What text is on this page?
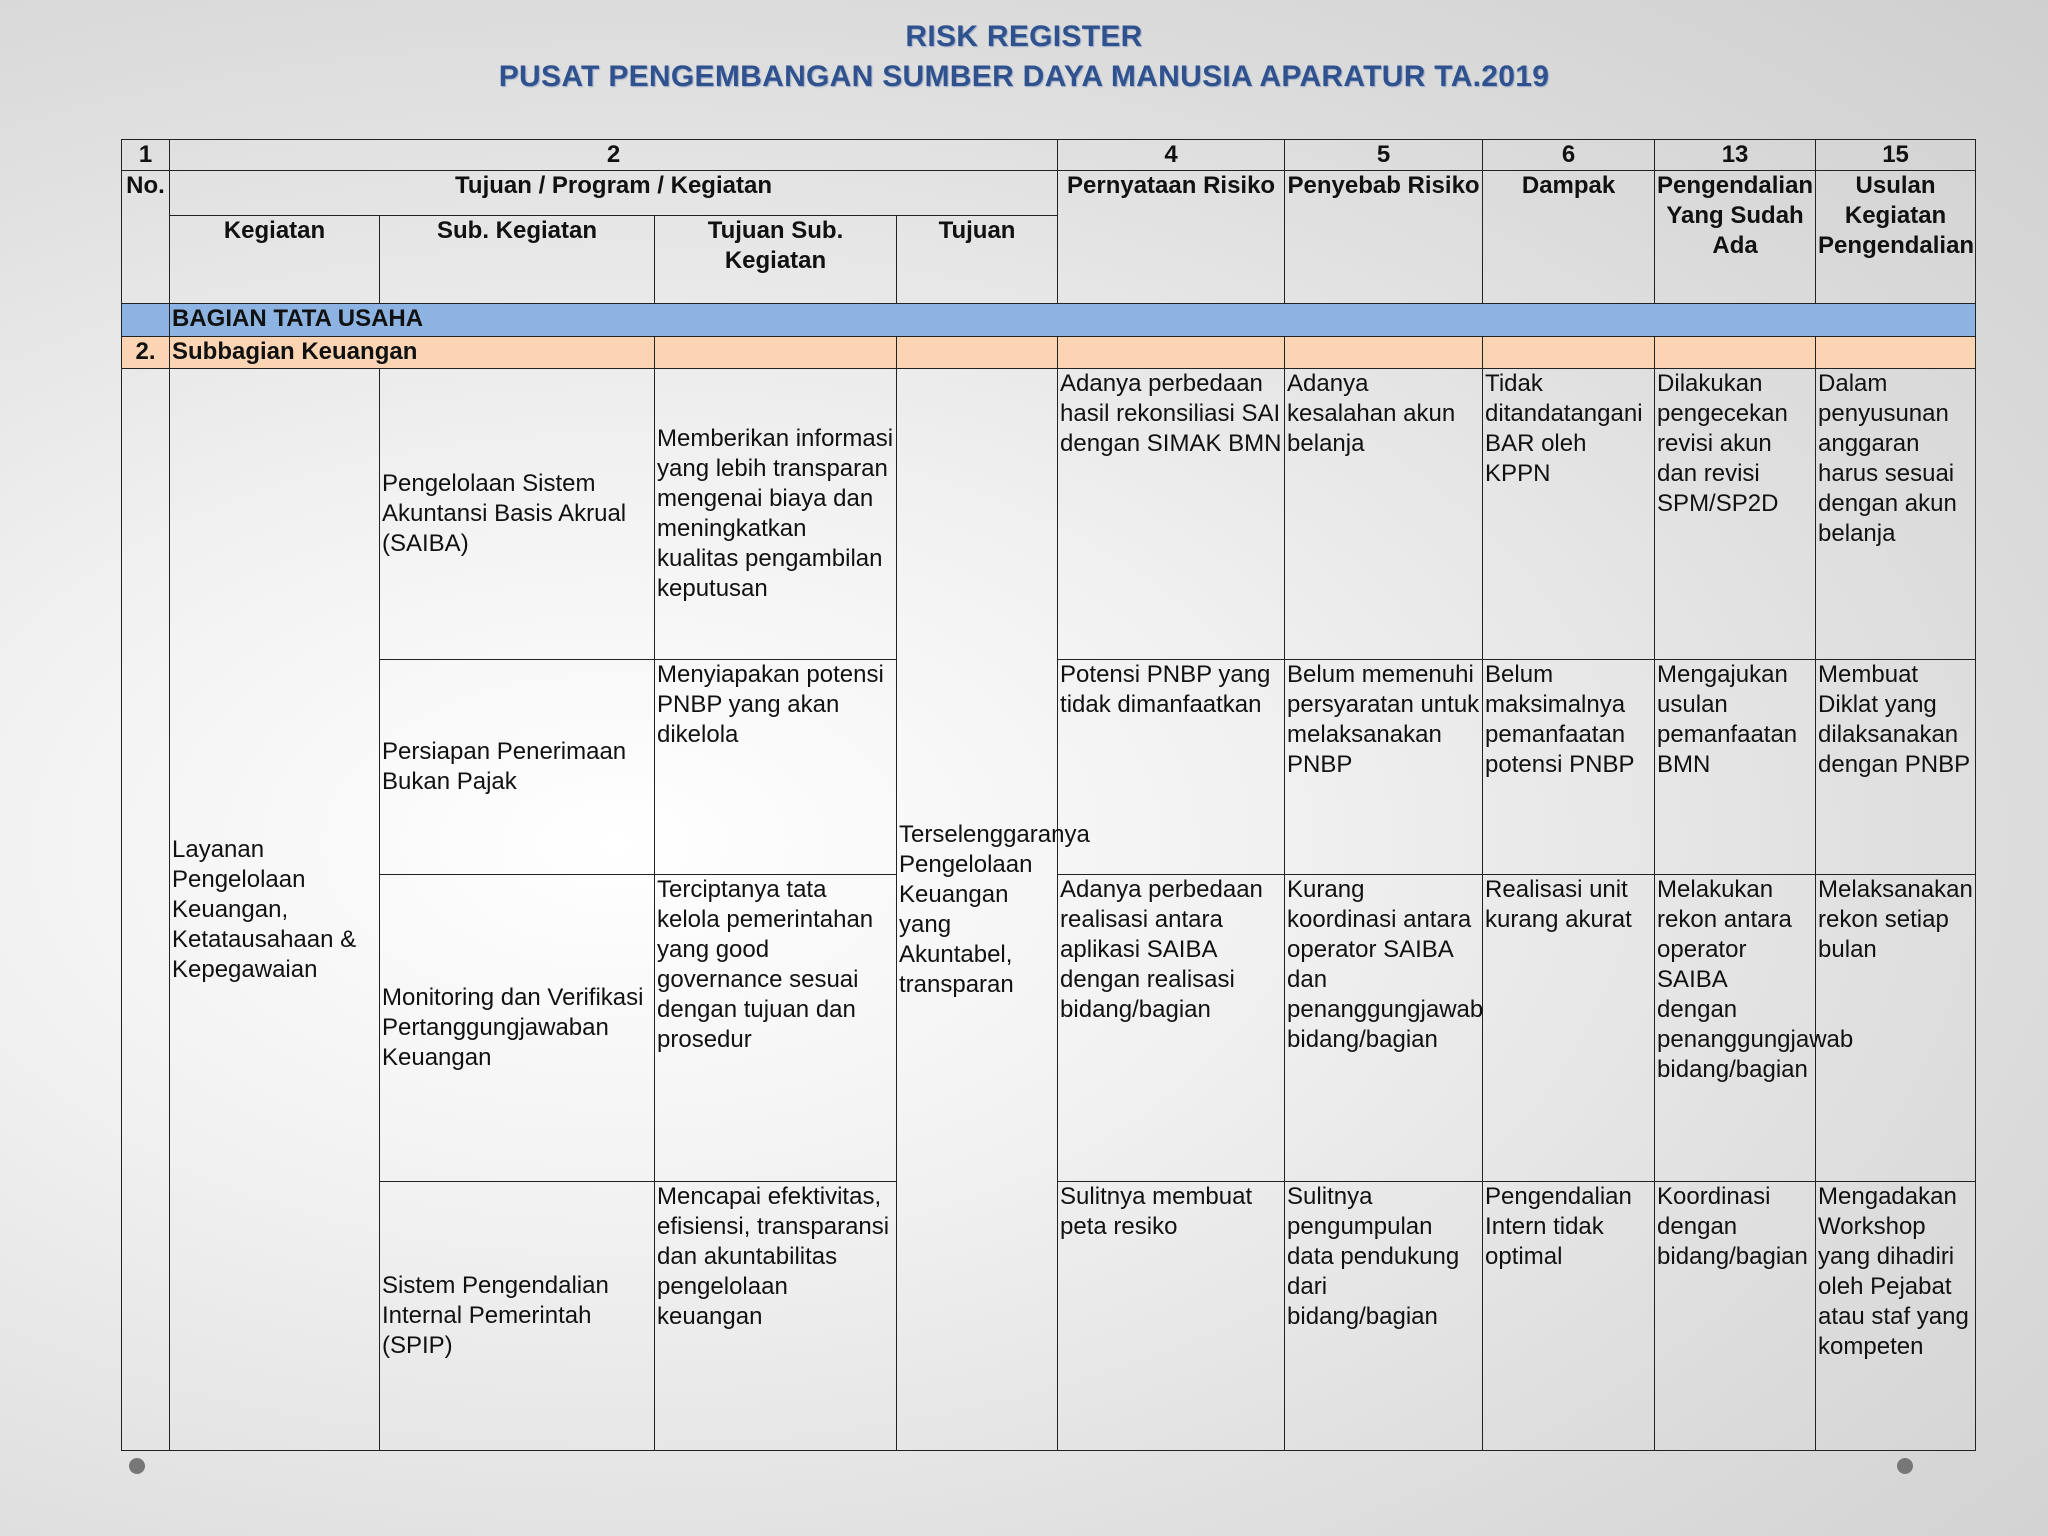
RISK REGISTER
PUSAT PENGEMBANGAN SUMBER DAYA MANUSIA APARATUR TA.2019
1	2				4	5	6	13	15
No.	Tujuan / Program / Kegiatan				Pernyataan Risiko	Penyebab Risiko	Dampak	Pengendalian Yang Sudah Ada	Usulan Kegiatan Pengendalian
	Kegiatan	Sub. Kegiatan	Tujuan Sub. Kegiatan	Tujuan					
	BAGIAN TATA USAHA								
2.	Subbagian Keuangan								
	Layanan Pengelolaan Keuangan, Ketatausahaan & Kepegawaian	Pengelolaan Sistem Akuntansi Basis Akrual (SAIBA)	Memberikan informasi yang lebih transparan mengenai biaya dan meningkatkan kualitas pengambilan keputusan	Terselenggaranya Pengelolaan Keuangan yang Akuntabel, transparan	Adanya perbedaan hasil rekonsiliasi SAI dengan SIMAK BMN	Adanya kesalahan akun belanja	Tidak ditandatangani BAR oleh KPPN	Dilakukan pengecekan revisi akun dan revisi SPM/SP2D	Dalam penyusunan anggaran harus sesuai dengan akun belanja
		Persiapan Penerimaan Bukan Pajak	Menyiapakan potensi PNBP yang akan dikelola		Potensi PNBP yang tidak dimanfaatkan	Belum memenuhi persyaratan untuk melaksanakan PNBP	Belum maksimalnya pemanfaatan potensi PNBP	Mengajukan usulan pemanfaatan BMN	Membuat Diklat yang dilaksanakan dengan PNBP
		Monitoring dan Verifikasi Pertanggungjawaban Keuangan	Terciptanya tata kelola pemerintahan yang good governance sesuai dengan tujuan dan prosedur		Adanya perbedaan realisasi antara aplikasi SAIBA dengan realisasi bidang/bagian	Kurang koordinasi antara operator SAIBA dan penanggungjawab bidang/bagian	Realisasi unit kurang akurat	Melakukan rekon antara operator SAIBA dengan penanggungjawab bidang/bagian	Melaksanakan rekon setiap bulan
		Sistem Pengendalian Internal Pemerintah (SPIP)	Mencapai efektivitas, efisiensi, transparansi dan akuntabilitas pengelolaan keuangan		Sulitnya membuat peta resiko	Sulitnya pengumpulan data pendukung dari bidang/bagian	Pengendalian Intern tidak optimal	Koordinasi dengan bidang/bagian	Mengadakan Workshop yang dihadiri oleh Pejabat atau staf yang kompeten
